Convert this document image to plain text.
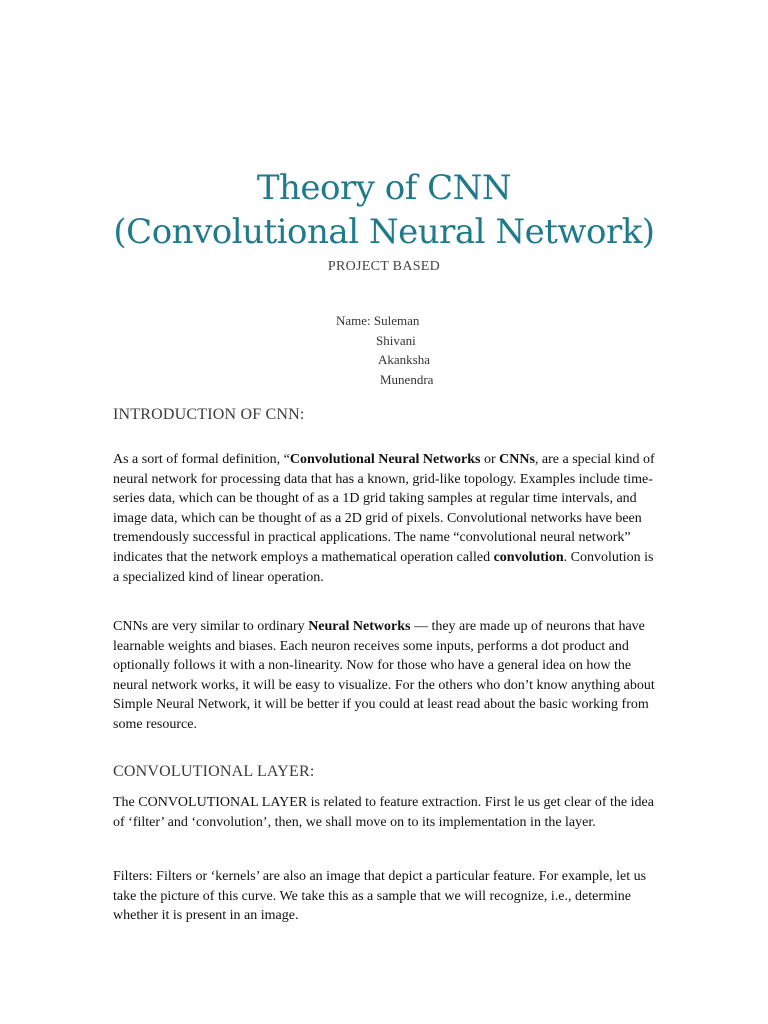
Theory of CNN
(Convolutional Neural Network)
PROJECT BASED
Name: Suleman
Shivani
Akanksha
Munendra
INTRODUCTION OF CNN:

As a sort of formal definition, “Convolutional Neural Networks or CNNs, are a special kind of neural network for processing data that has a known, grid-like topology. Examples include time-series data, which can be thought of as a 1D grid taking samples at regular time intervals, and image data, which can be thought of as a 2D grid of pixels. Convolutional networks have been tremendously successful in practical applications. The name “convolutional neural network” indicates that the network employs a mathematical operation called convolution. Convolution is a specialized kind of linear operation.

CNNs are very similar to ordinary Neural Networks — they are made up of neurons that have learnable weights and biases. Each neuron receives some inputs, performs a dot product and optionally follows it with a non-linearity. Now for those who have a general idea on how the neural network works, it will be easy to visualize. For the others who don’t know anything about Simple Neural Network, it will be better if you could at least read about the basic working from some resource.

CONVOLUTIONAL LAYER:

The CONVOLUTIONAL LAYER is related to feature extraction. First le us get clear of the idea of ‘filter’ and ‘convolution’, then, we shall move on to its implementation in the layer.

Filters: Filters or ‘kernels’ are also an image that depict a particular feature. For example, let us take the picture of this curve. We take this as a sample that we will recognize, i.e., determine whether it is present in an image.
